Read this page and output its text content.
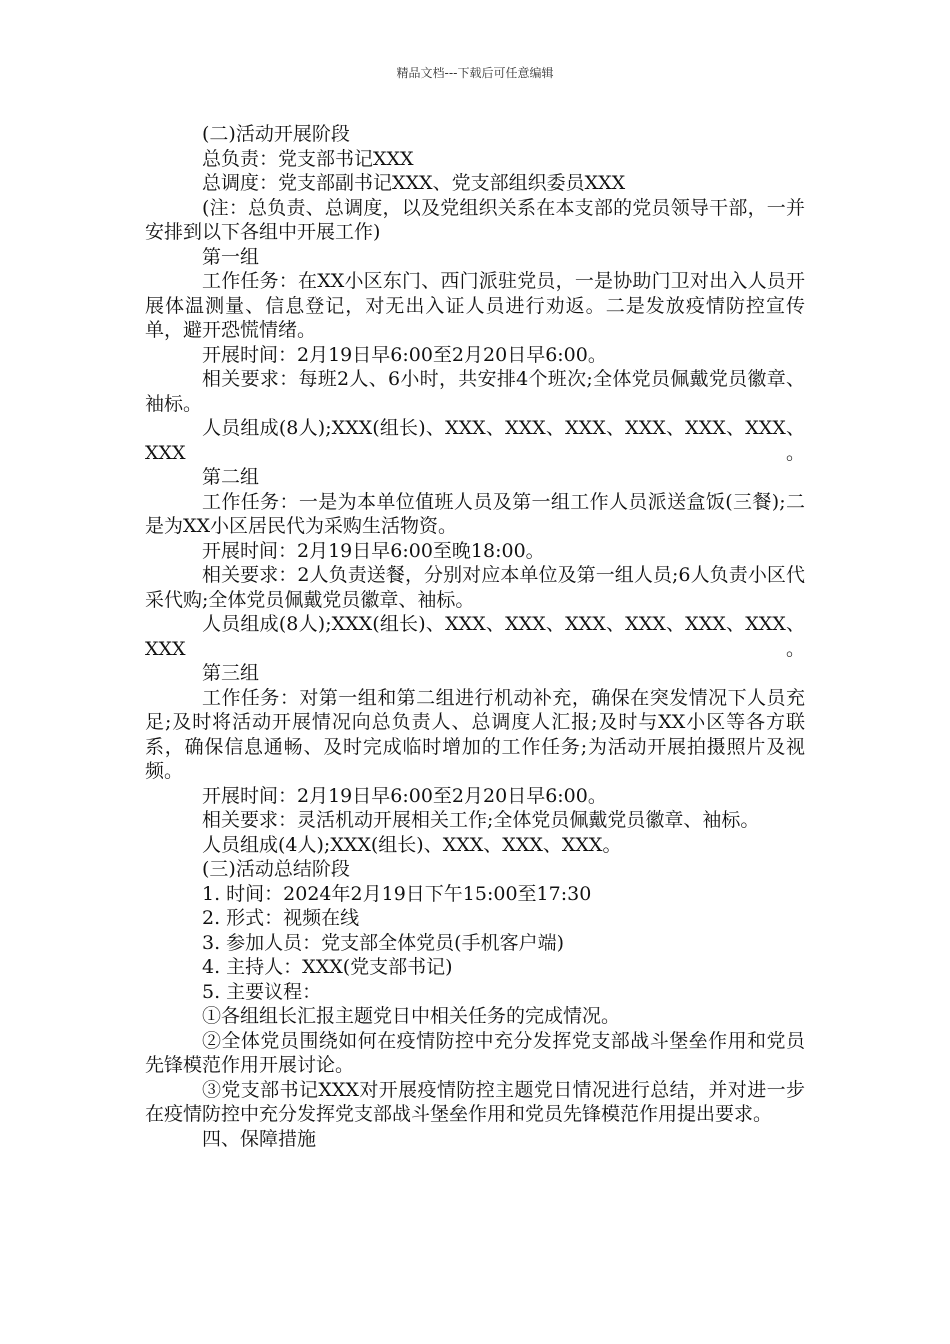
精品文档---下载后可任意编辑

(二)活动开展阶段

总负责：党支部书记XXX

总调度：党支部副书记XXX、党支部组织委员XXX

(注：总负责、总调度，以及党组织关系在本支部的党员领导干部，一并安排到以下各组中开展工作)

第一组

工作任务：在XX小区东门、西门派驻党员，一是协助门卫对出入人员开展体温测量、信息登记，对无出入证人员进行劝返。二是发放疫情防控宣传单，避开恐慌情绪。

开展时间：2月19日早6:00至2月20日早6:00。

相关要求：每班2人、6小时，共安排4个班次;全体党员佩戴党员徽章、袖标。

人员组成(8人);XXX(组长)、XXX、XXX、XXX、XXX、XXX、XXX、XXX。

第二组

工作任务：一是为本单位值班人员及第一组工作人员派送盒饭(三餐);二是为XX小区居民代为采购生活物资。

开展时间：2月19日早6:00至晚18:00。

相关要求：2人负责送餐，分别对应本单位及第一组人员;6人负责小区代采代购;全体党员佩戴党员徽章、袖标。

人员组成(8人);XXX(组长)、XXX、XXX、XXX、XXX、XXX、XXX、XXX。

第三组

工作任务：对第一组和第二组进行机动补充，确保在突发情况下人员充足;及时将活动开展情况向总负责人、总调度人汇报;及时与XX小区等各方联系，确保信息通畅、及时完成临时增加的工作任务;为活动开展拍摄照片及视频。

开展时间：2月19日早6:00至2月20日早6:00。

相关要求：灵活机动开展相关工作;全体党员佩戴党员徽章、袖标。

人员组成(4人);XXX(组长)、XXX、XXX、XXX。

(三)活动总结阶段

1. 时间：2024年2月19日下午15:00至17:30

2. 形式：视频在线

3. 参加人员：党支部全体党员(手机客户端)

4. 主持人：XXX(党支部书记)

5. 主要议程：

①各组组长汇报主题党日中相关任务的完成情况。

②全体党员围绕如何在疫情防控中充分发挥党支部战斗堡垒作用和党员先锋模范作用开展讨论。

③党支部书记XXX对开展疫情防控主题党日情况进行总结，并对进一步在疫情防控中充分发挥党支部战斗堡垒作用和党员先锋模范作用提出要求。

四、保障措施
